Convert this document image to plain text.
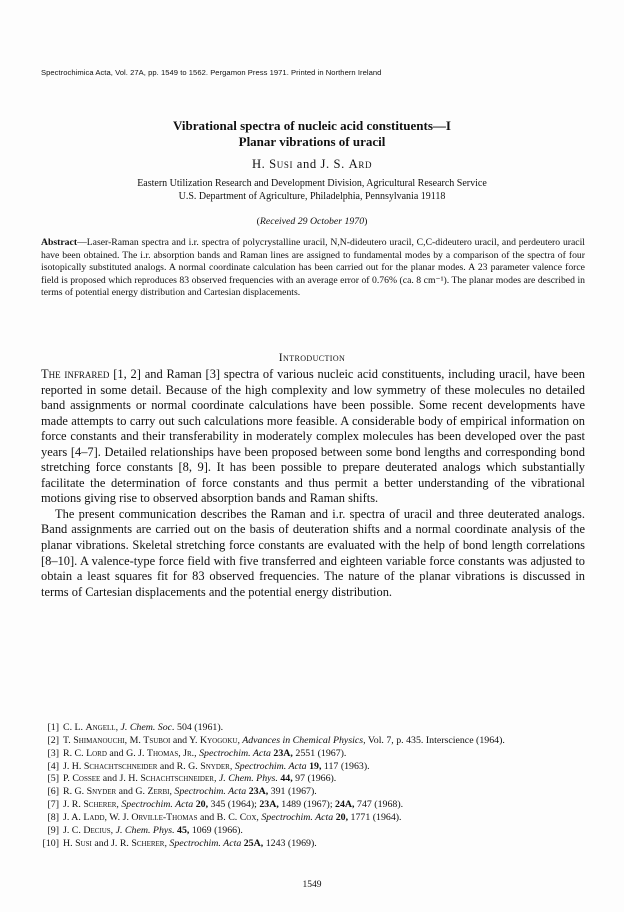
Spectrochimica Acta, Vol. 27A, pp. 1549 to 1562. Pergamon Press 1971. Printed in Northern Ireland
Vibrational spectra of nucleic acid constituents—I
Planar vibrations of uracil
H. Susi and J. S. Ard
Eastern Utilization Research and Development Division, Agricultural Research Service
U.S. Department of Agriculture, Philadelphia, Pennsylvania 19118
(Received 29 October 1970)
Abstract—Laser-Raman spectra and i.r. spectra of polycrystalline uracil, N,N-dideutero uracil, C,C-dideutero uracil, and perdeutero uracil have been obtained. The i.r. absorption bands and Raman lines are assigned to fundamental modes by a comparison of the spectra of four isotopically substituted analogs. A normal coordinate calculation has been carried out for the planar modes. A 23 parameter valence force field is proposed which reproduces 83 observed frequencies with an average error of 0.76% (ca. 8 cm⁻¹). The planar modes are described in terms of potential energy distribution and Cartesian displacements.
Introduction

The infrared [1, 2] and Raman [3] spectra of various nucleic acid constituents, including uracil, have been reported in some detail. Because of the high complexity and low symmetry of these molecules no detailed band assignments or normal coordinate calculations have been possible. Some recent developments have made attempts to carry out such calculations more feasible. A considerable body of empirical information on force constants and their transferability in moderately complex molecules has been developed over the past years [4–7]. Detailed relationships have been proposed between some bond lengths and corresponding bond stretching force constants [8, 9]. It has been possible to prepare deuterated analogs which substantially facilitate the determination of force constants and thus permit a better understanding of the vibrational motions giving rise to observed absorption bands and Raman shifts.

The present communication describes the Raman and i.r. spectra of uracil and three deuterated analogs. Band assignments are carried out on the basis of deuteration shifts and a normal coordinate analysis of the planar vibrations. Skeletal stretching force constants are evaluated with the help of bond length correlations [8–10]. A valence-type force field with five transferred and eighteen variable force constants was adjusted to obtain a least squares fit for 83 observed frequencies. The nature of the planar vibrations is discussed in terms of Cartesian displacements and the potential energy distribution.

[1] C. L. Angell, J. Chem. Soc. 504 (1961).
[2] T. Shimanouchi, M. Tsuboi and Y. Kyogoku, Advances in Chemical Physics, Vol. 7, p. 435. Interscience (1964).
[3] R. C. Lord and G. J. Thomas, Jr., Spectrochim. Acta 23A, 2551 (1967).
[4] J. H. Schachtschneider and R. G. Snyder, Spectrochim. Acta 19, 117 (1963).
[5] P. Cossee and J. H. Schachtschneider, J. Chem. Phys. 44, 97 (1966).
[6] R. G. Snyder and G. Zerbi, Spectrochim. Acta 23A, 391 (1967).
[7] J. R. Scherer, Spectrochim. Acta 20, 345 (1964); 23A, 1489 (1967); 24A, 747 (1968).
[8] J. A. Ladd, W. J. Orville-Thomas and B. C. Cox, Spectrochim. Acta 20, 1771 (1964).
[9] J. C. Decius, J. Chem. Phys. 45, 1069 (1966).
[10] H. Susi and J. R. Scherer, Spectrochim. Acta 25A, 1243 (1969).
1549
